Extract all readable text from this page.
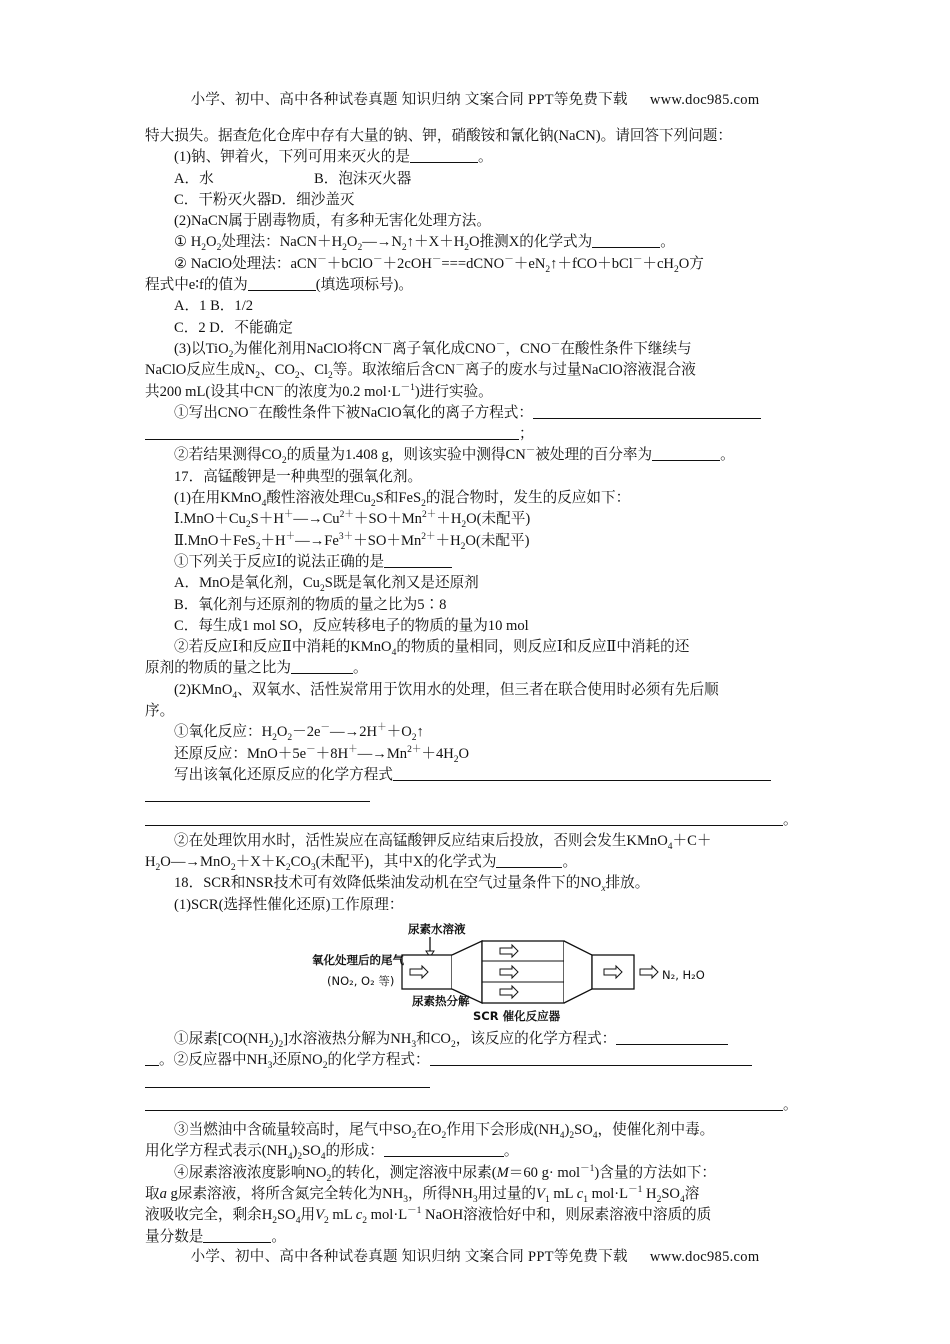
小学、初中、高中各种试卷真题 知识归纳 文案合同 PPT等免费下载 www.doc985.com

特大损失。据查危化仓库中存有大量的钠、钾，硝酸铵和氰化钠(NaCN)。请回答下列问题：

(1)钠、钾着火，下列可用来灭火的是	。

A．水	B．泡沫灭火器

C．干粉灭火器D．细沙盖灭

(2)NaCN属于剧毒物质，有多种无害化处理方法。

① $H_2O_2$处理法：$NaCN+H_2O_2―\to N_2↑+X+H_2O$推测X的化学式为	。

② NaClO处理法：$aCN^-+bClO^-+2cOH^-===dCNO^-+eN_2↑+fCO+bCl^-+cH_2O$方

程式中e∶f的值为	(填选项标号)。

A．1 B．1/2

C．2 D．不能确定

(3)以TiO$_2$为催化剂用NaClO将CN－离子氧化成CNO－，CNO－在酸性条件下继续与

NaClO反应生成$N_2$、$CO_2$、$Cl_2$等。取浓缩后含CN－离子的废水与过量NaClO溶液混合液

共200 mL(设其中CN－的浓度为0.2 $mol\cdot L^{-1}$)进行实验。

①写出CNO－在酸性条件下被NaClO氧化的离子方程式：

；

②若结果测得$CO_2$的质量为1.408 g，则该实验中测得CN－被处理的百分率为	。

17．高锰酸钾是一种典型的强氧化剂。

(1)在用KMnO$_4$酸性溶液处理$Cu_2S$和FeS$_2$的混合物时，发生的反应如下：

$Ⅰ.MnO+Cu_2S+H^+―\to Cu^{2+}+SO+Mn^{2+}+H_2O$(未配平)

$Ⅱ.MnO+FeS_2+H^+―\to Fe^{3+}+SO+Mn^{2+}+H_2O$(未配平)

①下列关于反应Ⅰ的说法正确的是

A．MnO是氧化剂，$Cu_2S$既是氧化剂又是还原剂

B．氧化剂与还原剂的物质的量之比为5∶8

C．每生成1 mol SO，反应转移电子的物质的量为10 mol

②若反应Ⅰ和反应Ⅱ中消耗的KMnO$_4$的物质的量相同，则反应Ⅰ和反应Ⅱ中消耗的还

原剂的物质的量之比为	。

(2)KMnO$_4$、双氧水、活性炭常用于饮用水的处理，但三者在联合使用时必须有先后顺

序。

①氧化反应：$H_2O_2-2e^-―\to 2H^++O_2↑$

还原反应：$MnO+5e^-+8H^+―\to Mn^{2+}+4H_2O$

写出该氧化还原反应的化学方程式

。

②在处理饮用水时，活性炭应在高锰酸钾反应结束后投放，否则会发生KMnO$_4$＋C＋

$H_2O―\to MnO_2+X+K_2CO_3$(未配平)，其中X的化学式为	。

18．SCR和NSR技术可有效降低柴油发动机在空气过量条件下的$NO_x$排放。

(1)SCR(选择性催化还原)工作原理：

尿素水溶液
氧化处理后的尾气
(NO₂, O₂ 等)
尿素热分解
SCR 催化反应器
N₂, H₂O

①尿素$[CO(NH_2)_2]$水溶液热分解为$NH_3$和$CO_2$，该反应的化学方程式：

。②反应器中$NH_3$还原$NO_2$的化学方程式：

。

③当燃油中含硫量较高时，尾气中$SO_2$在$O_2$作用下会形成$(NH_4)_2SO_4$，使催化剂中毒。

用化学方程式表示$(NH_4)_2SO_4$的形成：	。

④尿素溶液浓度影响$NO_2$的转化，测定溶液中尿素(M＝60 g· mol$^{-1}$)含量的方法如下：

取a g尿素溶液，将所含氮完全转化为$NH_3$，所得$NH_3$用过量的$V_1$ mL $c_1$ $mol\cdot L^{-1}$ $H_2SO_4$溶

液吸收完全，剩余$H_2SO_4$用$V_2$ mL $c_2$ $mol\cdot L^{-1}$ NaOH溶液恰好中和，则尿素溶液中溶质的质

量分数是	。

小学、初中、高中各种试卷真题 知识归纳 文案合同 PPT等免费下载 www.doc985.com
